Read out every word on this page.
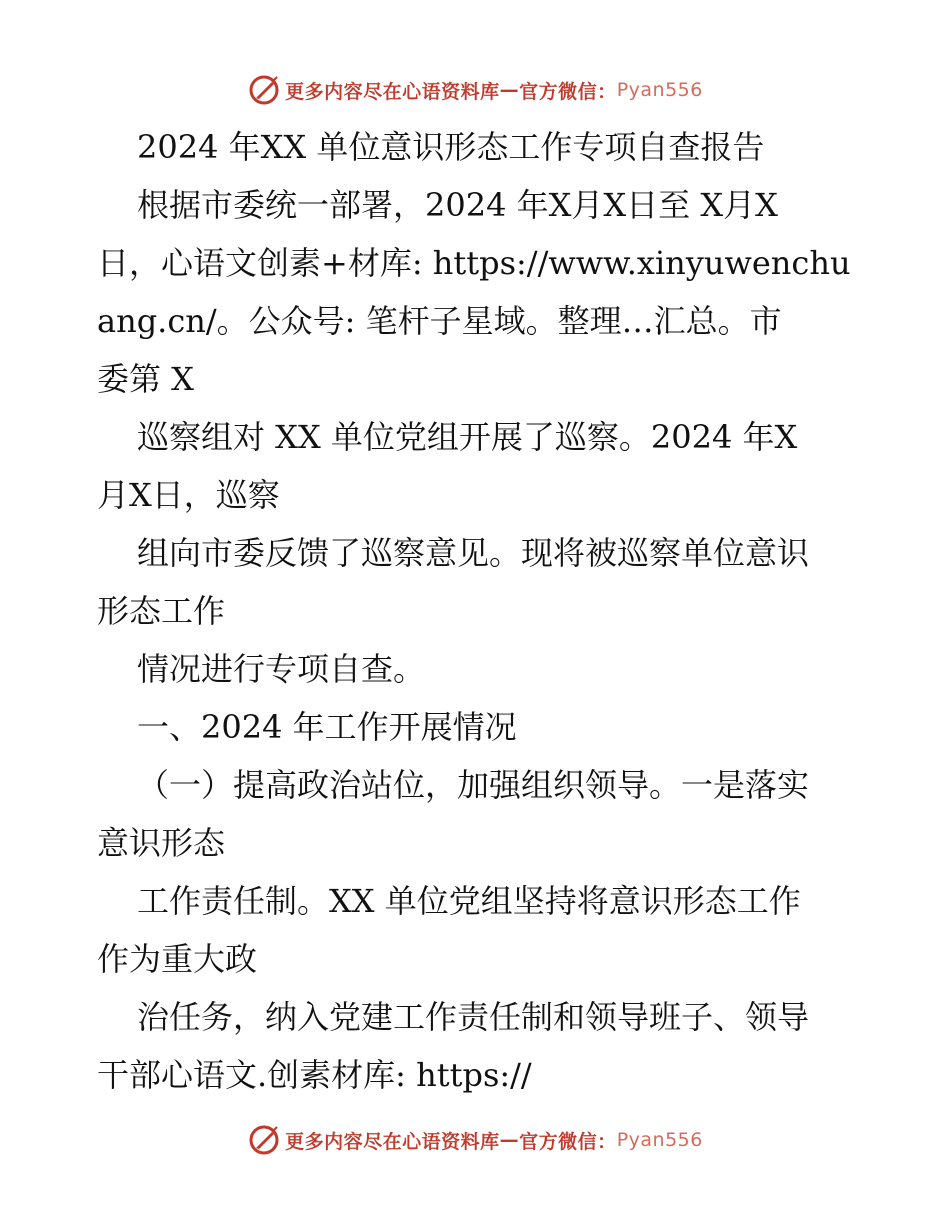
更多内容尽在心语资料库 — 官方微信： Pyan556
2024 年XX 单位意识形态工作专项自查报告
根据市委统一部署，2024 年X月X日至 X月X
日，心语文创素+材库: https://www.xinyuwenchu
ang.cn/。公众号: 笔杆子星域。整理…汇总。市
委第 X
巡察组对 XX 单位党组开展了巡察。2024 年X
月X日，巡察
组向市委反馈了巡察意见。现将被巡察单位意识
形态工作
情况进行专项自查。
一、2024 年工作开展情况
（一）提高政治站位，加强组织领导。一是落实
意识形态
工作责任制。XX 单位党组坚持将意识形态工作
作为重大政
治任务，纳入党建工作责任制和领导班子、领导
干部心语文.创素材库: https://
更多内容尽在心语资料库 — 官方微信： Pyan556
